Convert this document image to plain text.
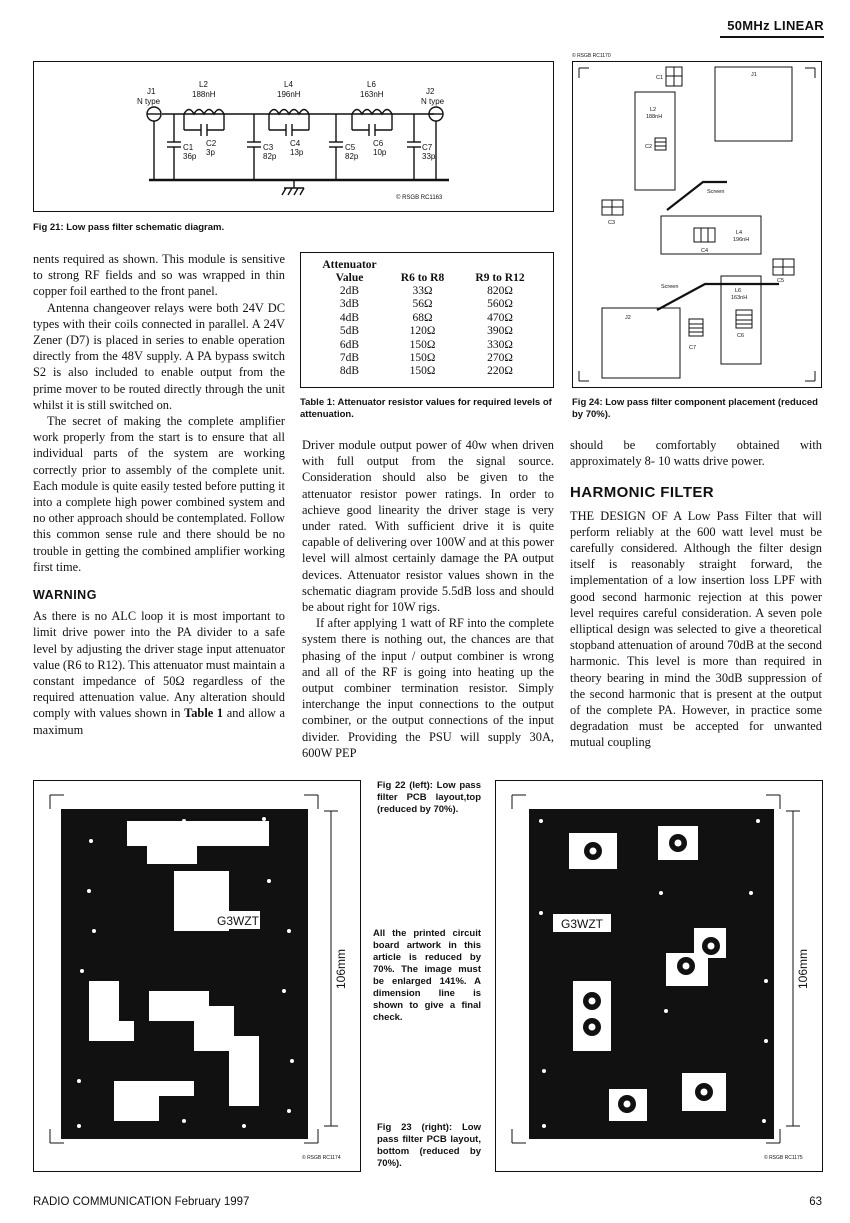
50MHz LINEAR
J1
N type
J2
N type
L2
188nH
L4
196nH
L6
163nH
C2
3p
C4
13p
C6
10p
C1
36p
C3
82p
C5
82p
C7
33p
© RSGB RC1163
Fig 21: Low pass filter schematic diagram.
© RSGB RC1170
C1	J1
L2
188nH
C2
Screen
C3
L4
196nH
C4
C5
Screen
L6
163nH
J2
C7
C6
Fig 24: Low pass filter component placement (reduced by 70%).

nents required as shown. This module is sensitive to strong RF fields and so was wrapped in thin copper foil earthed to the front panel.

Antenna changeover relays were both 24V DC types with their coils connected in parallel. A 24V Zener (D7) is placed in series to enable operation directly from the 48V supply. A PA bypass switch S2 is also included to enable output from the prime mover to be routed directly through the unit whilst it is still switched on.

The secret of making the complete amplifier work properly from the start is to ensure that all individual parts of the system are working correctly prior to assembly of the complete unit. Each module is quite easily tested before putting it into a complete high power combined system and no other approach should be contemplated. Follow this common sense rule and there should be no trouble in getting the combined amplifier working first time.

WARNING

As there is no ALC loop it is most important to limit drive power into the PA divider to a safe level by adjusting the driver stage input attenuator value (R6 to R12). This attenuator must maintain a constant impedance of 50Ω regardless of the required attenuation value. Any alteration should comply with values shown in Table 1 and allow a maximum

Attenuator Value	R6 to R8	R9 to R12
2dB	33Ω	820Ω
3dB	56Ω	560Ω
4dB	68Ω	470Ω
5dB	120Ω	390Ω
6dB	150Ω	330Ω
7dB	150Ω	270Ω
8dB	150Ω	220Ω
Table 1: Attenuator resistor values for required levels of attenuation.

Driver module output power of 40w when driven with full output from the signal source. Consideration should also be given to the attenuator resistor power ratings. In order to achieve good linearity the driver stage is very under rated. With sufficient drive it is quite capable of delivering over 100W and at this power level will almost certainly damage the PA output devices. Attenuator resistor values shown in the schematic diagram provide 5.5dB loss and should be about right for 10W rigs.

If after applying 1 watt of RF into the complete system there is nothing out, the chances are that phasing of the input / output combiner is wrong and all of the RF is going into heating up the output combiner termination resistor. Simply interchange the input connections to the output combiner, or the output connections of the input divider. Providing the PSU will supply 30A, 600W PEP

should be comfortably obtained with approximately 8- 10 watts drive power.

HARMONIC FILTER

THE DESIGN OF A Low Pass Filter that will perform reliably at the 600 watt level must be carefully considered. Although the filter design itself is reasonably straight forward, the implementation of a low insertion loss LPF with good second harmonic rejection at this power level requires careful consideration. A seven pole elliptical design was selected to give a theoretical stopband attenuation of around 70dB at the second harmonic. This level is more than required in theory bearing in mind the 30dB suppression of the second harmonic that is present at the output of the complete PA. However, in practice some degradation must be accepted for unwanted mutual coupling

G3WZT
106mm
© RSGB RC1174
Fig 22 (left): Low pass filter PCB layout,top (reduced by 70%).
All the printed circuit board artwork in this article is reduced by 70%. The image must be enlarged 141%. A dimension line is shown to give a final check.
Fig 23 (right): Low pass filter PCB layout, bottom (reduced by 70%).
G3WZT
106mm
© RSGB RC1175
RADIO COMMUNICATION February 1997	63
